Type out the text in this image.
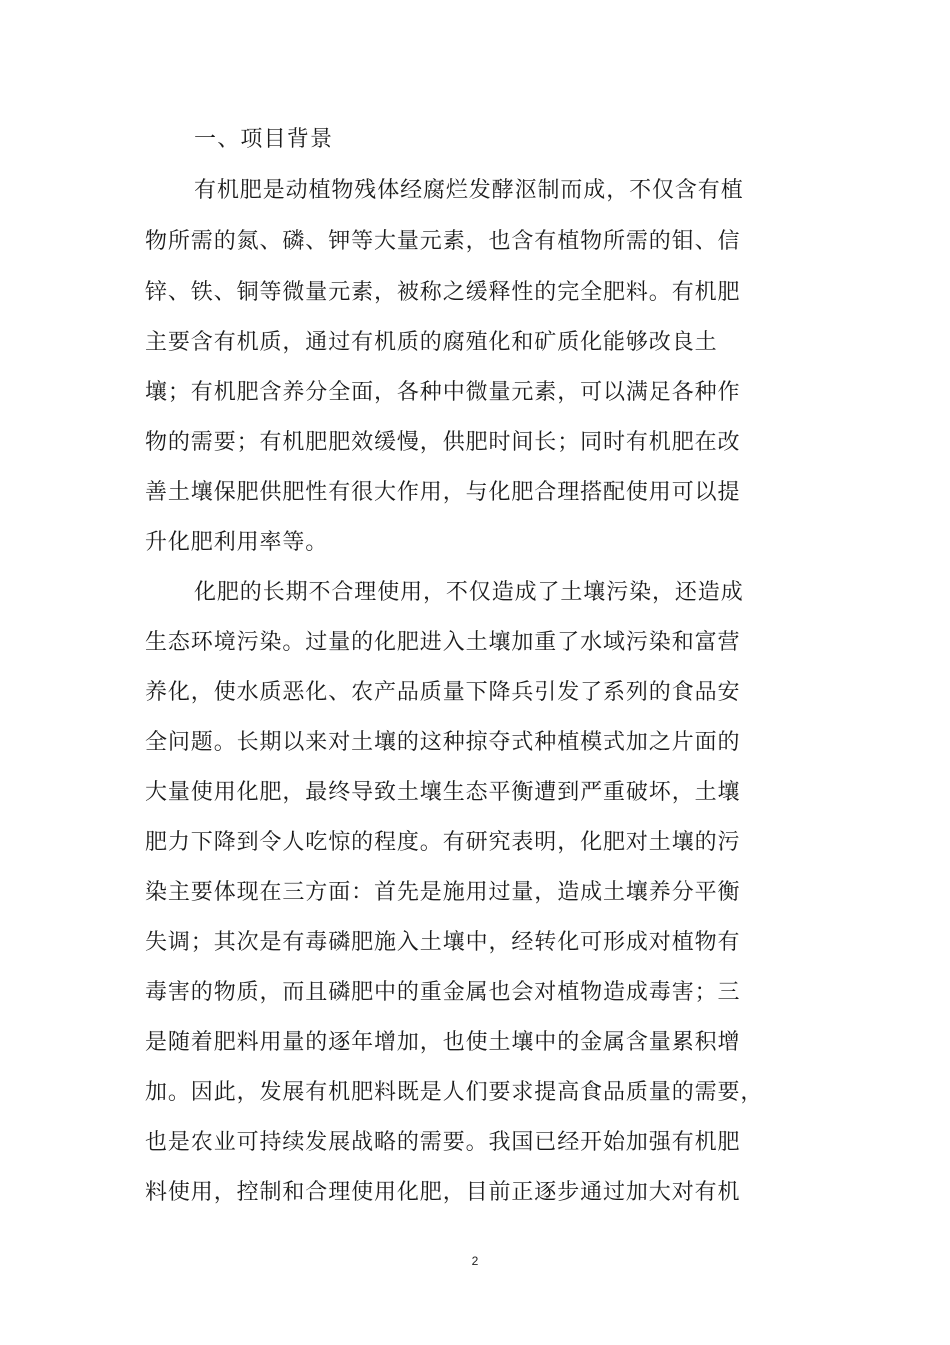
一、项目背景
有机肥是动植物残体经腐烂发酵沤制而成，不仅含有植
物所需的氮、磷、钾等大量元素，也含有植物所需的钼、信
锌、铁、铜等微量元素，被称之缓释性的完全肥料。有机肥
主要含有机质，通过有机质的腐殖化和矿质化能够改良土
壤；有机肥含养分全面，各种中微量元素，可以满足各种作
物的需要；有机肥肥效缓慢，供肥时间长；同时有机肥在改
善土壤保肥供肥性有很大作用，与化肥合理搭配使用可以提
升化肥利用率等。
化肥的长期不合理使用，不仅造成了土壤污染，还造成
生态环境污染。过量的化肥进入土壤加重了水域污染和富营
养化，使水质恶化、农产品质量下降兵引发了系列的食品安
全问题。长期以来对土壤的这种掠夺式种植模式加之片面的
大量使用化肥，最终导致土壤生态平衡遭到严重破坏，土壤
肥力下降到令人吃惊的程度。有研究表明，化肥对土壤的污
染主要体现在三方面：首先是施用过量，造成土壤养分平衡
失调；其次是有毒磷肥施入土壤中，经转化可形成对植物有
毒害的物质，而且磷肥中的重金属也会对植物造成毒害；三
是随着肥料用量的逐年增加，也使土壤中的金属含量累积增
加。因此，发展有机肥料既是人们要求提高食品质量的需要，
也是农业可持续发展战略的需要。我国已经开始加强有机肥
料使用，控制和合理使用化肥，目前正逐步通过加大对有机
2
